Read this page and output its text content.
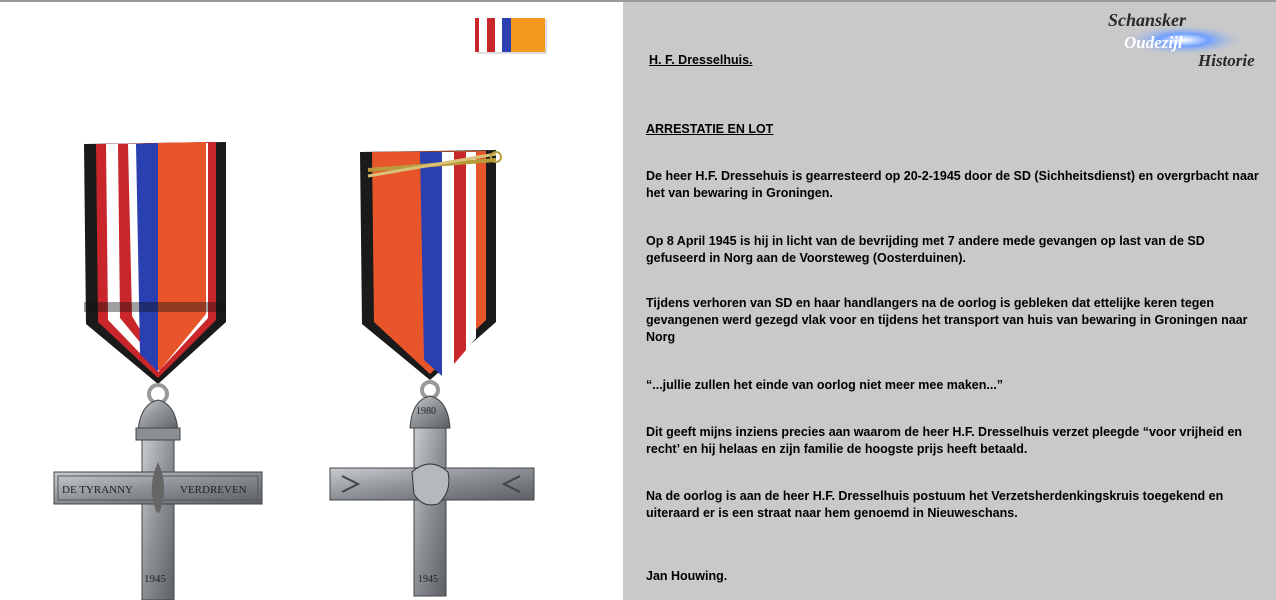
DE TYRANNY	VERDREVEN
1945
1980
1945
Schansker
Oudezijl
Historie

H. F. Dresselhuis.

ARRESTATIE EN LOT

De heer H.F. Dressehuis is gearresteerd op 20-2-1945 door de SD (Sichheitsdienst) en overgrbacht naar het van bewaring in Groningen.

Op 8 April 1945 is hij in licht van de bevrijding met 7 andere mede gevangen op last van de SD gefuseerd in Norg aan de Voorsteweg (Oosterduinen).

Tijdens verhoren van SD en haar handlangers na de oorlog is gebleken dat ettelijke keren tegen gevangenen werd gezegd vlak voor en tijdens het transport van huis van bewaring in Groningen naar Norg

“...jullie zullen het einde van oorlog niet meer mee maken...”

Dit geeft mijns inziens precies aan waarom de heer H.F. Dresselhuis verzet pleegde “voor vrijheid en recht’ en hij helaas en zijn familie de hoogste prijs heeft betaald.

Na de oorlog is aan de heer H.F. Dresselhuis postuum het Verzetsherdenkingskruis toegekend en uiteraard er is een straat naar hem genoemd in Nieuweschans.

Jan Houwing.
